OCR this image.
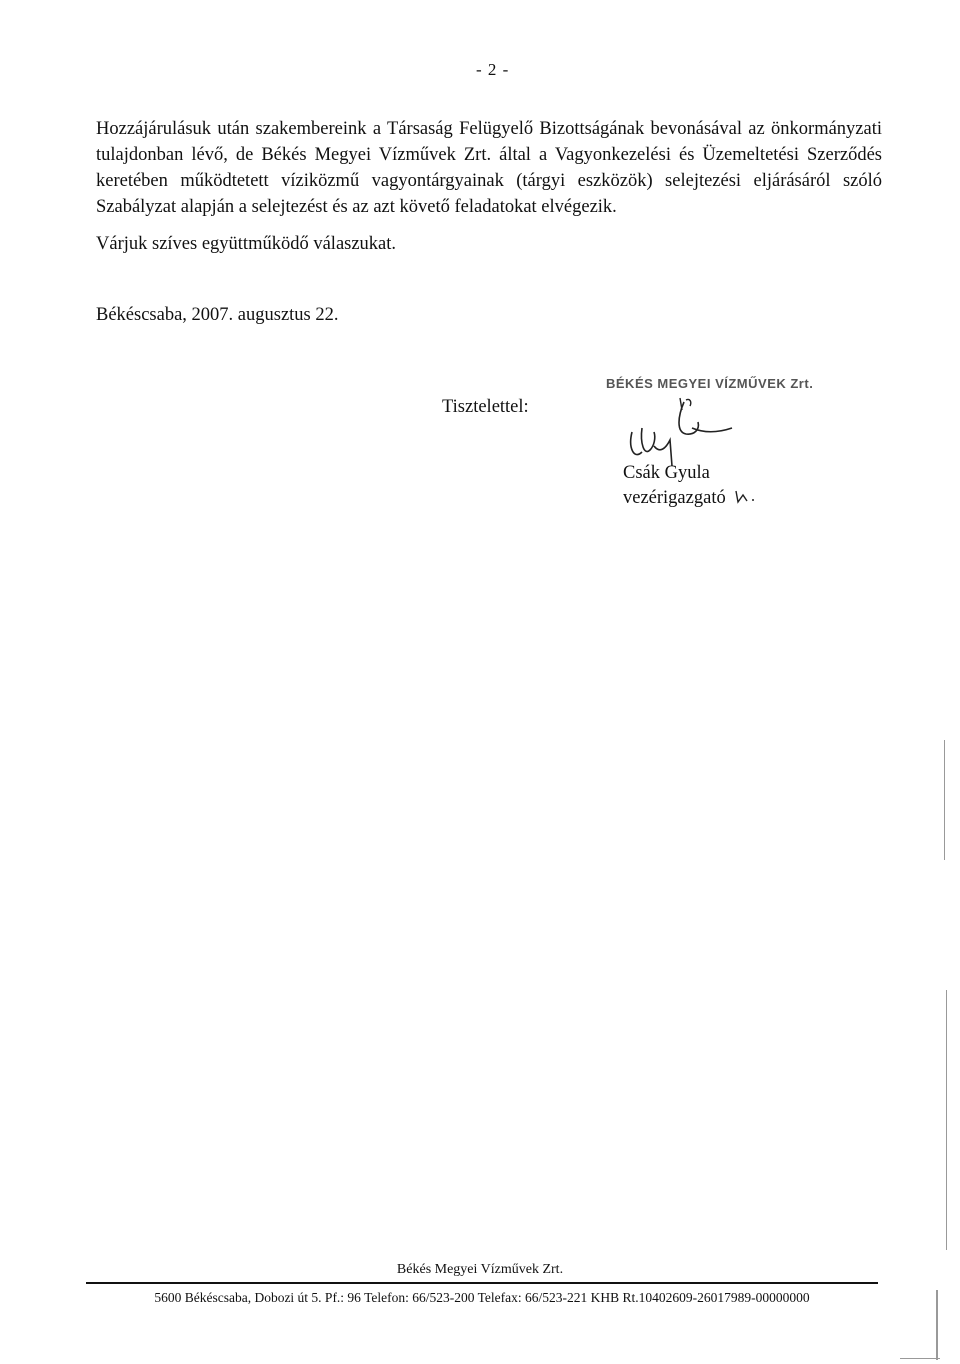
- 2 -
Hozzájárulásuk után szakembereink a Társaság Felügyelő Bizottságának bevonásával az önkormányzati tulajdonban lévő, de Békés Megyei Vízművek Zrt. által a Vagyonkezelési és Üzemeltetési Szerződés keretében működtetett víziközmű vagyontárgyainak (tárgyi eszközök) selejtezési eljárásáról szóló Szabályzat alapján a selejtezést és az azt követő feladatokat elvégezik.
Várjuk szíves együttműködő válaszukat.
Békéscsaba, 2007. augusztus 22.
Tisztelettel:
BÉKÉS MEGYEI VÍZMŰVEK Zrt.
Csák Gyula
vezérigazgató
Békés Megyei Vízművek Zrt.
5600 Békéscsaba, Dobozi út 5. Pf.: 96 Telefon: 66/523-200 Telefax: 66/523-221 KHB Rt.10402609-26017989-00000000
